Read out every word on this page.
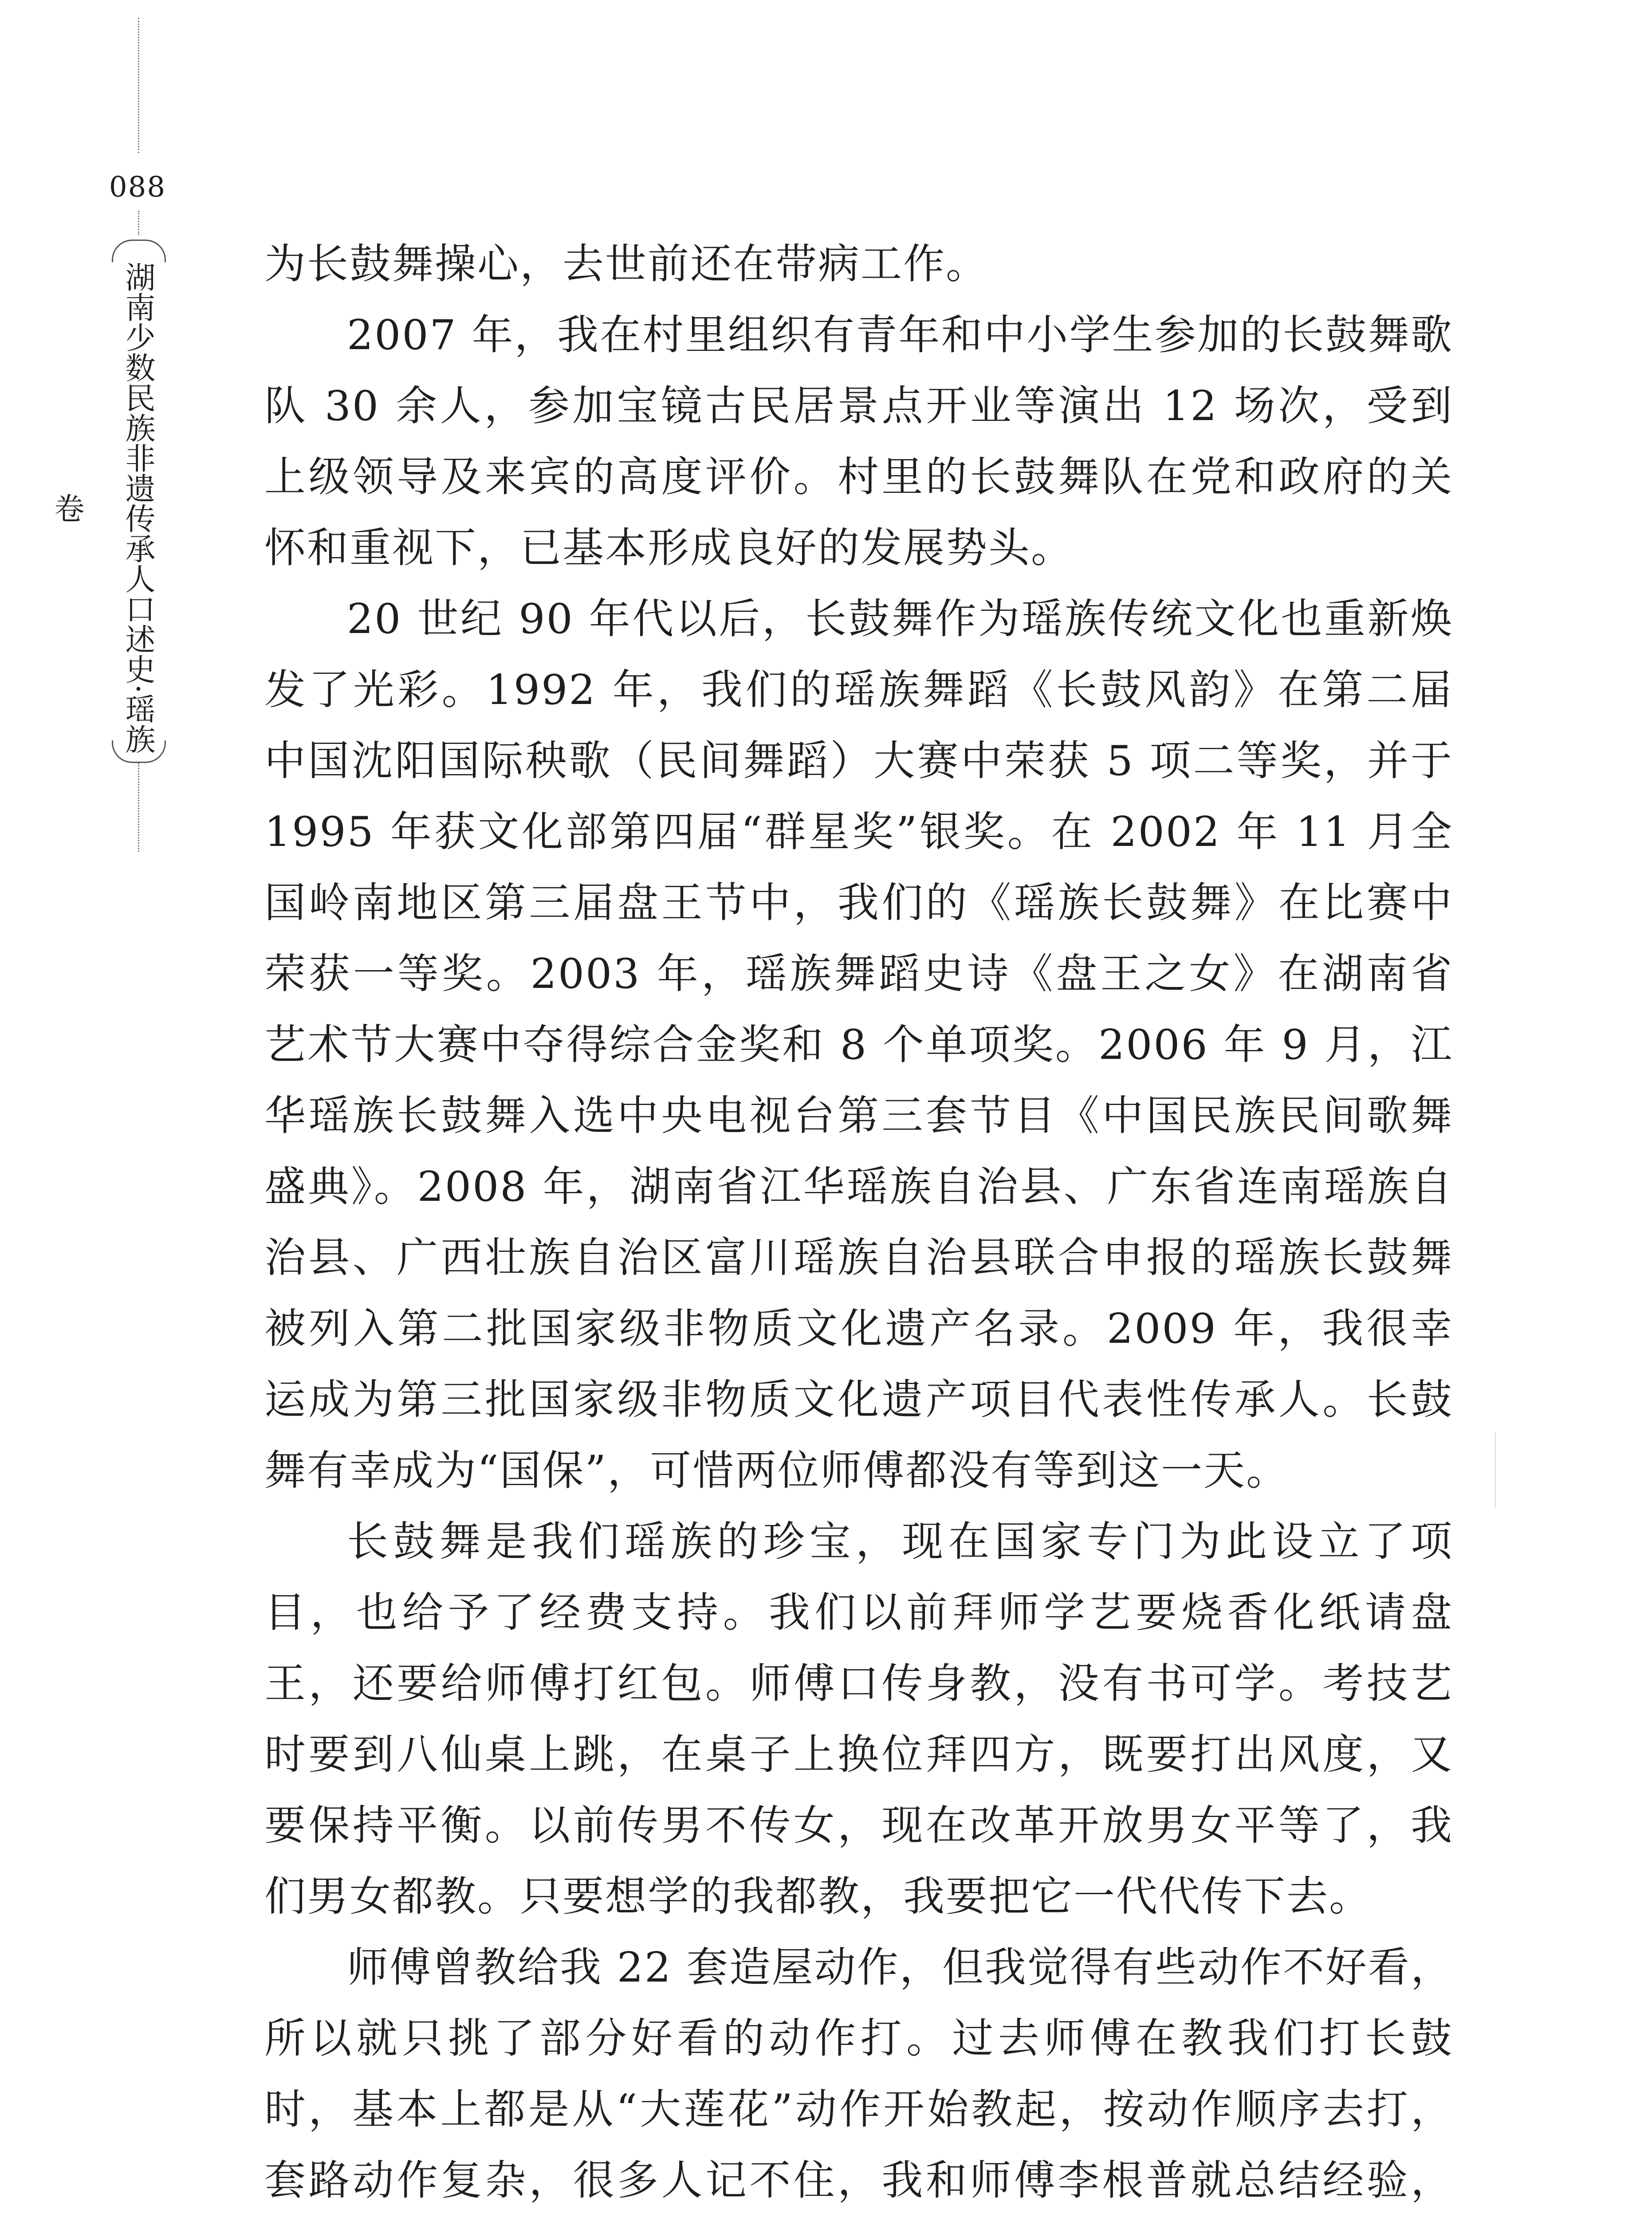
088
湖南少数民族非遗传承人口述史·瑶族卷

为长鼓舞操心，去世前还在带病工作。

2007 年，我在村里组织有青年和中小学生参加的长鼓舞歌队 30 余人，参加宝镜古民居景点开业等演出 12 场次，受到上级领导及来宾的高度评价。村里的长鼓舞队在党和政府的关怀和重视下，已基本形成良好的发展势头。

20 世纪 90 年代以后，长鼓舞作为瑶族传统文化也重新焕发了光彩。1992 年，我们的瑶族舞蹈《长鼓风韵》在第二届中国沈阳国际秧歌（民间舞蹈）大赛中荣获 5 项二等奖，并于 1995 年获文化部第四届“群星奖”银奖。在 2002 年 11 月全国岭南地区第三届盘王节中，我们的《瑶族长鼓舞》在比赛中荣获一等奖。2003 年，瑶族舞蹈史诗《盘王之女》在湖南省艺术节大赛中夺得综合金奖和 8 个单项奖。2006 年 9 月，江华瑶族长鼓舞入选中央电视台第三套节目《中国民族民间歌舞盛典》。2008 年，湖南省江华瑶族自治县、广东省连南瑶族自治县、广西壮族自治区富川瑶族自治县联合申报的瑶族长鼓舞被列入第二批国家级非物质文化遗产名录。2009 年，我很幸运成为第三批国家级非物质文化遗产项目代表性传承人。长鼓舞有幸成为“国保”，可惜两位师傅都没有等到这一天。

长鼓舞是我们瑶族的珍宝，现在国家专门为此设立了项目，也给予了经费支持。我们以前拜师学艺要烧香化纸请盘王，还要给师傅打红包。师傅口传身教，没有书可学。考技艺时要到八仙桌上跳，在桌子上换位拜四方，既要打出风度，又要保持平衡。以前传男不传女，现在改革开放男女平等了，我们男女都教。只要想学的我都教，我要把它一代代传下去。

师傅曾教给我 22 套造屋动作，但我觉得有些动作不好看，所以就只挑了部分好看的动作打。过去师傅在教我们打长鼓时，基本上都是从“大莲花”动作开始教起，按动作顺序去打，套路动作复杂，很多人记不住，我和师傅李根普就总结经验，
